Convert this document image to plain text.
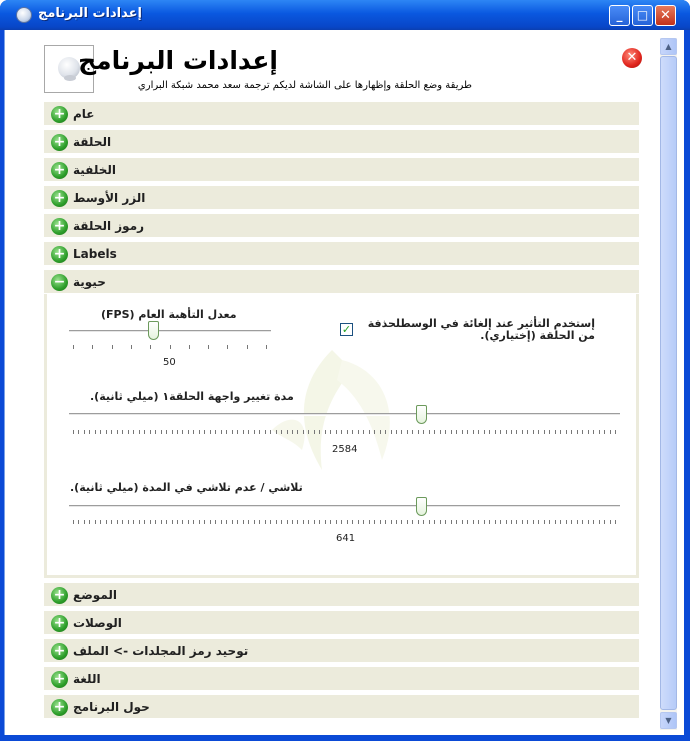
إعدادات البرنامج	_	□ ✕
إعدادات البرنامج
طريقة وضع الحلقة وإظهارها على الشاشة لديكم ترجمة سعد محمد شبكة البراري
✕
+ عام
+ الحلقة
+ الخلفية
+ الزر الأوسط
+ رموز الحلقة
+ Labels
− حيوية
معدل التأهبة العام (FPS)
50
✓	إستخدم التأثير عند إلغائة في الوسطلحذفة من الحلقة (إختياري).
مدة تغيير واجهة الحلقة١ (ميلي ثانية).
2584
تلاشي / عدم تلاشي في المدة (ميلي ثانية).
641
+ الموضع
+ الوصلات
+ توحيد رمز المجلدات -> الملف
+ اللغة
+ حول البرنامج
▲
▼
